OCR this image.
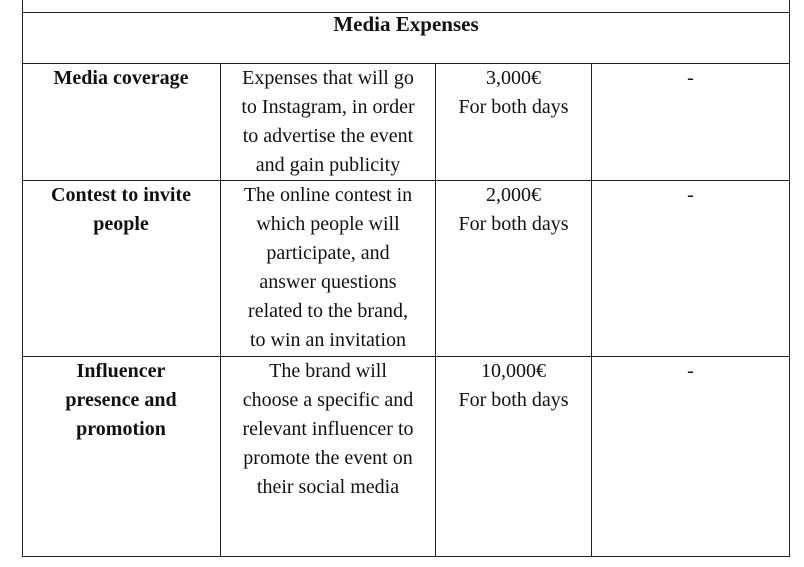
Media Expenses
Media coverage	Expenses that will go
to Instagram, in order
to advertise the event
and gain publicity
3,000€
For both days
-
Contest to invite
people
The online contest in
which people will
participate, and
answer questions
related to the brand,
to win an invitation
2,000€
For both days
-
Influencer
presence and
promotion
The brand will
choose a specific and
relevant influencer to
promote the event on
their social media
10,000€
For both days
-
